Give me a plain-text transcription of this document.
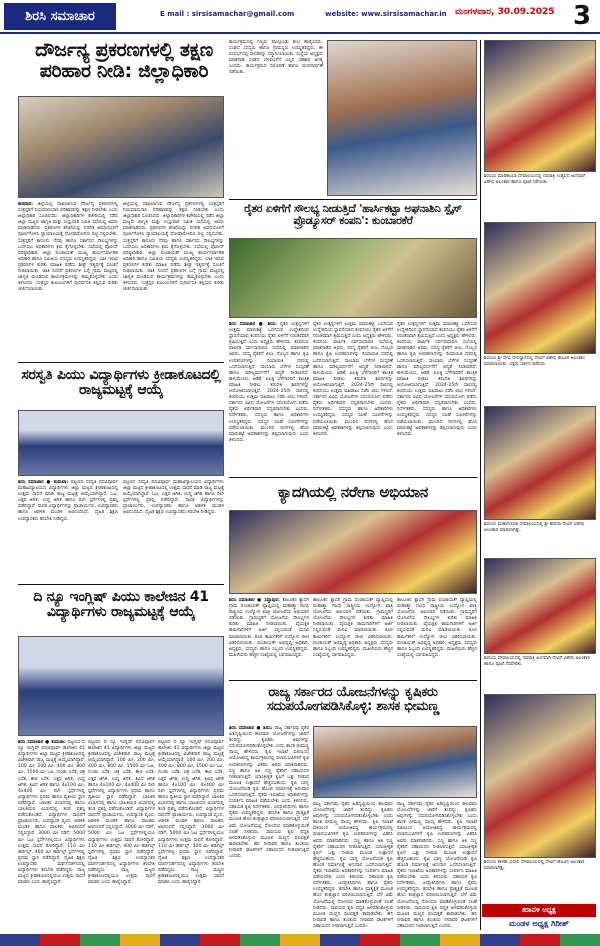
ಶಿರಸಿ ಸಮಾಚಾರ	E mail : sirsisamachar@gmail.com	website: www.sirsisamachar.in ಮಂಗಳವಾರ, 30.09.2025 3
ದೌರ್ಜನ್ಯ ಪ್ರಕರಣಗಳಲ್ಲಿ ತಕ್ಷಣ ಪರಿಹಾರ ನೀಡಿ: ಜಿಲ್ಲಾಧಿಕಾರಿ
ಕಾರವಾರ: ಜಿಲ್ಲೆಯಲ್ಲಿ ದಾಖಲಾಗುವ ದೌರ್ಜನ್ಯ ಪ್ರಕರಣಗಳಲ್ಲಿ ಸಂತ್ರಸ್ತರಿಗೆ ನಿಯಮಾನುಸಾರ ಪರಿಹಾರವನ್ನು ತಕ್ಷಣ ನೀಡಬೇಕು ಎಂದು ಜಿಲ್ಲಾಧಿಕಾರಿ ಸೂಚಿಸಿದರು. ಜಿಲ್ಲಾಧಿಕಾರಿಗಳ ಕಚೇರಿಯಲ್ಲಿ ನಡೆದ ಜಿಲ್ಲಾ ಮಟ್ಟದ ಜಾಗೃತಿ ಮತ್ತು ಉಸ್ತುವಾರಿ ಸಮಿತಿ ಸಭೆಯಲ್ಲಿ ಅವರು ಮಾತನಾಡಿದರು. ಪ್ರಕರಣಗಳ ತನಿಖೆಯನ್ನು ನಿಗದಿತ ಅವಧಿಯೊಳಗೆ ಪೂರ್ಣಗೊಳಿಸಿ ನ್ಯಾಯಾಲಯಕ್ಕೆ ದೋಷಾರೋಪಣ ಪಟ್ಟಿ ಸಲ್ಲಿಸಬೇಕು. ಸಂತ್ರಸ್ತರಿಗೆ ಕಾನೂನು ನೆರವು ಹಾಗೂ ಸರ್ಕಾರದ ಸೌಲಭ್ಯಗಳನ್ನು ಒದಗಿಸಲು ಅಧಿಕಾರಿಗಳು ಕ್ರಮ ಕೈಗೊಳ್ಳಬೇಕು. ಸಭೆಯಲ್ಲಿ ಪೊಲೀಸ್ ವರಿಷ್ಠಾಧಿಕಾರಿ, ಜಿಲ್ಲಾ ಪಂಚಾಯತ್ ಮುಖ್ಯ ಕಾರ್ಯನಿರ್ವಾಹಕ ಅಧಿಕಾರಿ ಹಾಗೂ ಸಮಿತಿಯ ಸದಸ್ಯರು ಉಪಸ್ಥಿತರಿದ್ದರು. ಬಾಕಿ ಇರುವ ಪ್ರಕರಣಗಳ ಕುರಿತು ಮಾಹಿತಿ ಪಡೆದು ಶೀಘ್ರ ಇತ್ಯರ್ಥಕ್ಕೆ ಸೂಚನೆ ನೀಡಲಾಯಿತು. ಜಾತಿ ನಿಂದನೆ ಪ್ರಕರಣಗಳ ಬಗ್ಗೆ ಗ್ರಾಮ ಮಟ್ಟದಲ್ಲಿ ಜಾಗೃತಿ ಮೂಡಿಸುವ ಕಾರ್ಯಕ್ರಮಗಳನ್ನು ಹಮ್ಮಿಕೊಳ್ಳಬೇಕು ಎಂದು ತಿಳಿಸಿದರು. ಸಂತ್ರಸ್ತರ ಕುಟುಂಬಗಳಿಗೆ ಪುನರ್ವಸತಿ ಕಲ್ಪಿಸುವ ಕುರಿತು ಚರ್ಚಿಸಲಾಯಿತು.
ಜಿಲ್ಲೆಯಲ್ಲಿ ದಾಖಲಾಗುವ ದೌರ್ಜನ್ಯ ಪ್ರಕರಣಗಳಲ್ಲಿ ಸಂತ್ರಸ್ತರಿಗೆ ನಿಯಮಾನುಸಾರ ಪರಿಹಾರವನ್ನು ತಕ್ಷಣ ನೀಡಬೇಕು ಎಂದು ಜಿಲ್ಲಾಧಿಕಾರಿ ಸೂಚಿಸಿದರು. ಜಿಲ್ಲಾಧಿಕಾರಿಗಳ ಕಚೇರಿಯಲ್ಲಿ ನಡೆದ ಜಿಲ್ಲಾ ಮಟ್ಟದ ಜಾಗೃತಿ ಮತ್ತು ಉಸ್ತುವಾರಿ ಸಮಿತಿ ಸಭೆಯಲ್ಲಿ ಅವರು ಮಾತನಾಡಿದರು. ಪ್ರಕರಣಗಳ ತನಿಖೆಯನ್ನು ನಿಗದಿತ ಅವಧಿಯೊಳಗೆ ಪೂರ್ಣಗೊಳಿಸಿ ನ್ಯಾಯಾಲಯಕ್ಕೆ ದೋಷಾರೋಪಣ ಪಟ್ಟಿ ಸಲ್ಲಿಸಬೇಕು. ಸಂತ್ರಸ್ತರಿಗೆ ಕಾನೂನು ನೆರವು ಹಾಗೂ ಸರ್ಕಾರದ ಸೌಲಭ್ಯಗಳನ್ನು ಒದಗಿಸಲು ಅಧಿಕಾರಿಗಳು ಕ್ರಮ ಕೈಗೊಳ್ಳಬೇಕು. ಸಭೆಯಲ್ಲಿ ಪೊಲೀಸ್ ವರಿಷ್ಠಾಧಿಕಾರಿ, ಜಿಲ್ಲಾ ಪಂಚಾಯತ್ ಮುಖ್ಯ ಕಾರ್ಯನಿರ್ವಾಹಕ ಅಧಿಕಾರಿ ಹಾಗೂ ಸಮಿತಿಯ ಸದಸ್ಯರು ಉಪಸ್ಥಿತರಿದ್ದರು. ಬಾಕಿ ಇರುವ ಪ್ರಕರಣಗಳ ಕುರಿತು ಮಾಹಿತಿ ಪಡೆದು ಶೀಘ್ರ ಇತ್ಯರ್ಥಕ್ಕೆ ಸೂಚನೆ ನೀಡಲಾಯಿತು. ಜಾತಿ ನಿಂದನೆ ಪ್ರಕರಣಗಳ ಬಗ್ಗೆ ಗ್ರಾಮ ಮಟ್ಟದಲ್ಲಿ ಜಾಗೃತಿ ಮೂಡಿಸುವ ಕಾರ್ಯಕ್ರಮಗಳನ್ನು ಹಮ್ಮಿಕೊಳ್ಳಬೇಕು ಎಂದು ತಿಳಿಸಿದರು. ಸಂತ್ರಸ್ತರ ಕುಟುಂಬಗಳಿಗೆ ಪುನರ್ವಸತಿ ಕಲ್ಪಿಸುವ ಕುರಿತು ಚರ್ಚಿಸಲಾಯಿತು.
ಕಾರ್ಯಕ್ರಮದಲ್ಲಿ ಗಣ್ಯರು ಪಾಲ್ಗೊಂಡು ಶುಭ ಹಾರೈಸಿದರು. ಸಂಘದ ಸದಸ್ಯರು ಹಾಗೂ ಗ್ರಾಮಸ್ಥರು ಉಪಸ್ಥಿತರಿದ್ದರು. ಈ ಸಂದರ್ಭದಲ್ಲಿ ಸಾಧಕರನ್ನು ಸನ್ಮಾನಿಸಲಾಯಿತು. ಸಂಸ್ಥೆಯ ಅಧ್ಯಕ್ಷರು ಮಾತನಾಡಿ ಸಂಘದ ಬೆಳವಣಿಗೆಗೆ ಎಲ್ಲರ ಸಹಕಾರ ಅಗತ್ಯ ಎಂದರು. ಕಾರ್ಯಕ್ರಮದ ನಿರೂಪಣೆ ಹಾಗೂ ವಂದನಾರ್ಪಣೆ ನಡೆಯಿತು.
ರೈತರ ಏಳಿಗೆಗೆ ಸೌಲಭ್ಯ ನೀಡುತ್ತಿದೆ 'ಹಾರ್ಸಿಕಟ್ಟಾ ಅಘನಾಶಿನಿ ಸ್ಪೈಸ್ ಪ್ರೊಡ್ಯೂಸರ್ ಕಂಪನಿ': ಕುಂಬಾರಕೆರೆ
ಶಿರಸಿ ಸಮಾಚಾರ ● ಶಿರಸಿ: ರೈತರ ಉತ್ಪನ್ನಗಳಿಗೆ ಉತ್ತಮ ಮಾರುಕಟ್ಟೆ ಒದಗಿಸುವ ಉದ್ದೇಶದಿಂದ ಸ್ಥಾಪನೆಯಾದ ಕಂಪನಿಯು ರೈತರ ಏಳಿಗೆಗೆ ನಿರಂತರವಾಗಿ ಶ್ರಮಿಸುತ್ತಿದೆ ಎಂದು ಅಧ್ಯಕ್ಷರು ಹೇಳಿದರು. ಕಂಪನಿಯ ವಾರ್ಷಿಕ ಸರ್ವಸಾಧಾರಣ ಸಭೆಯಲ್ಲಿ ಮಾತನಾಡಿದ ಅವರು, ಸದಸ್ಯ ರೈತರಿಗೆ ಬೀಜ, ಗೊಬ್ಬರ ಹಾಗೂ ಕೃಷಿ ಉಪಕರಣಗಳನ್ನು ರಿಯಾಯಿತಿ ದರದಲ್ಲಿ ಒದಗಿಸಲಾಗುತ್ತಿದೆ. ಸಾಂಬಾರು ಬೆಳೆಗಳ ಸಂಸ್ಕರಣೆ ಹಾಗೂ ಮೌಲ್ಯವರ್ಧನೆಗೆ ಆದ್ಯತೆ ನೀಡಲಾಗಿದೆ. ಕಾಳುಮೆಣಸು, ಅಡಿಕೆ, ಏಲಕ್ಕಿ ಬೆಳೆಗಾರರಿಗೆ ತಾಂತ್ರಿಕ ಮಾಹಿತಿ ನೀಡಲು ತರಬೇತಿ ಶಿಬಿರಗಳನ್ನು ಆಯೋಜಿಸಲಾಗುತ್ತಿದೆ. 2024-25ನೇ ಸಾಲಿನಲ್ಲಿ ಕಂಪನಿಯು ಉತ್ತಮ ವಹಿವಾಟು ನಡೆಸಿ ಲಾಭ ಗಳಿಸಿದೆ. ಸರ್ಕಾರದ ವಿವಿಧ ಯೋಜನೆಗಳ ಸದುಪಯೋಗ ಪಡೆದು ರೈತರು ಆರ್ಥಿಕವಾಗಿ ಸದೃಢರಾಗಬೇಕು ಎಂದರು. ನಿರ್ದೇಶಕರು, ಸದಸ್ಯರು ಹಾಗೂ ಅಧಿಕಾರಿಗಳು ಉಪಸ್ಥಿತರಿದ್ದರು. ಸದಸ್ಯರ ಸಲಹೆ ಸೂಚನೆಗಳನ್ನು ಪಡೆಯಲಾಯಿತು. ಮುಂದಿನ ದಿನಗಳಲ್ಲಿ ಹೊಸ ಮಾರುಕಟ್ಟೆ ಅವಕಾಶಗಳನ್ನು ಕಲ್ಪಿಸಲಾಗುವುದು ಎಂದು ತಿಳಿಸಿದರು.
ರೈತರ ಉತ್ಪನ್ನಗಳಿಗೆ ಉತ್ತಮ ಮಾರುಕಟ್ಟೆ ಒದಗಿಸುವ ಉದ್ದೇಶದಿಂದ ಸ್ಥಾಪನೆಯಾದ ಕಂಪನಿಯು ರೈತರ ಏಳಿಗೆಗೆ ನಿರಂತರವಾಗಿ ಶ್ರಮಿಸುತ್ತಿದೆ ಎಂದು ಅಧ್ಯಕ್ಷರು ಹೇಳಿದರು. ಕಂಪನಿಯ ವಾರ್ಷಿಕ ಸರ್ವಸಾಧಾರಣ ಸಭೆಯಲ್ಲಿ ಮಾತನಾಡಿದ ಅವರು, ಸದಸ್ಯ ರೈತರಿಗೆ ಬೀಜ, ಗೊಬ್ಬರ ಹಾಗೂ ಕೃಷಿ ಉಪಕರಣಗಳನ್ನು ರಿಯಾಯಿತಿ ದರದಲ್ಲಿ ಒದಗಿಸಲಾಗುತ್ತಿದೆ. ಸಾಂಬಾರು ಬೆಳೆಗಳ ಸಂಸ್ಕರಣೆ ಹಾಗೂ ಮೌಲ್ಯವರ್ಧನೆಗೆ ಆದ್ಯತೆ ನೀಡಲಾಗಿದೆ. ಕಾಳುಮೆಣಸು, ಅಡಿಕೆ, ಏಲಕ್ಕಿ ಬೆಳೆಗಾರರಿಗೆ ತಾಂತ್ರಿಕ ಮಾಹಿತಿ ನೀಡಲು ತರಬೇತಿ ಶಿಬಿರಗಳನ್ನು ಆಯೋಜಿಸಲಾಗುತ್ತಿದೆ. 2024-25ನೇ ಸಾಲಿನಲ್ಲಿ ಕಂಪನಿಯು ಉತ್ತಮ ವಹಿವಾಟು ನಡೆಸಿ ಲಾಭ ಗಳಿಸಿದೆ. ಸರ್ಕಾರದ ವಿವಿಧ ಯೋಜನೆಗಳ ಸದುಪಯೋಗ ಪಡೆದು ರೈತರು ಆರ್ಥಿಕವಾಗಿ ಸದೃಢರಾಗಬೇಕು ಎಂದರು. ನಿರ್ದೇಶಕರು, ಸದಸ್ಯರು ಹಾಗೂ ಅಧಿಕಾರಿಗಳು ಉಪಸ್ಥಿತರಿದ್ದರು. ಸದಸ್ಯರ ಸಲಹೆ ಸೂಚನೆಗಳನ್ನು ಪಡೆಯಲಾಯಿತು. ಮುಂದಿನ ದಿನಗಳಲ್ಲಿ ಹೊಸ ಮಾರುಕಟ್ಟೆ ಅವಕಾಶಗಳನ್ನು ಕಲ್ಪಿಸಲಾಗುವುದು ಎಂದು ತಿಳಿಸಿದರು.
ರೈತರ ಉತ್ಪನ್ನಗಳಿಗೆ ಉತ್ತಮ ಮಾರುಕಟ್ಟೆ ಒದಗಿಸುವ ಉದ್ದೇಶದಿಂದ ಸ್ಥಾಪನೆಯಾದ ಕಂಪನಿಯು ರೈತರ ಏಳಿಗೆಗೆ ನಿರಂತರವಾಗಿ ಶ್ರಮಿಸುತ್ತಿದೆ ಎಂದು ಅಧ್ಯಕ್ಷರು ಹೇಳಿದರು. ಕಂಪನಿಯ ವಾರ್ಷಿಕ ಸರ್ವಸಾಧಾರಣ ಸಭೆಯಲ್ಲಿ ಮಾತನಾಡಿದ ಅವರು, ಸದಸ್ಯ ರೈತರಿಗೆ ಬೀಜ, ಗೊಬ್ಬರ ಹಾಗೂ ಕೃಷಿ ಉಪಕರಣಗಳನ್ನು ರಿಯಾಯಿತಿ ದರದಲ್ಲಿ ಒದಗಿಸಲಾಗುತ್ತಿದೆ. ಸಾಂಬಾರು ಬೆಳೆಗಳ ಸಂಸ್ಕರಣೆ ಹಾಗೂ ಮೌಲ್ಯವರ್ಧನೆಗೆ ಆದ್ಯತೆ ನೀಡಲಾಗಿದೆ. ಕಾಳುಮೆಣಸು, ಅಡಿಕೆ, ಏಲಕ್ಕಿ ಬೆಳೆಗಾರರಿಗೆ ತಾಂತ್ರಿಕ ಮಾಹಿತಿ ನೀಡಲು ತರಬೇತಿ ಶಿಬಿರಗಳನ್ನು ಆಯೋಜಿಸಲಾಗುತ್ತಿದೆ. 2024-25ನೇ ಸಾಲಿನಲ್ಲಿ ಕಂಪನಿಯು ಉತ್ತಮ ವಹಿವಾಟು ನಡೆಸಿ ಲಾಭ ಗಳಿಸಿದೆ. ಸರ್ಕಾರದ ವಿವಿಧ ಯೋಜನೆಗಳ ಸದುಪಯೋಗ ಪಡೆದು ರೈತರು ಆರ್ಥಿಕವಾಗಿ ಸದೃಢರಾಗಬೇಕು ಎಂದರು. ನಿರ್ದೇಶಕರು, ಸದಸ್ಯರು ಹಾಗೂ ಅಧಿಕಾರಿಗಳು ಉಪಸ್ಥಿತರಿದ್ದರು. ಸದಸ್ಯರ ಸಲಹೆ ಸೂಚನೆಗಳನ್ನು ಪಡೆಯಲಾಯಿತು. ಮುಂದಿನ ದಿನಗಳಲ್ಲಿ ಹೊಸ ಮಾರುಕಟ್ಟೆ ಅವಕಾಶಗಳನ್ನು ಕಲ್ಪಿಸಲಾಗುವುದು ಎಂದು ತಿಳಿಸಿದರು.
ಸರಸ್ವತಿ ಪಿಯು ವಿದ್ಯಾರ್ಥಿಗಳು ಕ್ರೀಡಾಕೂಟದಲ್ಲಿ ರಾಜ್ಯಮಟ್ಟಕ್ಕೆ ಆಯ್ಕೆ
ಶಿರಸಿ ಸಮಾಚಾರ ● ಕುಮಟಾ: ಪಟ್ಟಣದ ಸರಸ್ವತಿ ಪದವಿಪೂರ್ವ ಮಹಾವಿದ್ಯಾಲಯದ ವಿದ್ಯಾರ್ಥಿಗಳು ಜಿಲ್ಲಾ ಮಟ್ಟದ ಕ್ರೀಡಾಕೂಟದಲ್ಲಿ ಉತ್ತಮ ಸಾಧನೆ ಮಾಡಿ ರಾಜ್ಯ ಮಟ್ಟಕ್ಕೆ ಆಯ್ಕೆಯಾಗಿದ್ದಾರೆ. ಓಟ, ಎತ್ತರ ಜಿಗಿತ, ಉದ್ದ ಜಿಗಿತ ಹಾಗೂ ರಿಲೇ ಸ್ಪರ್ಧೆಗಳಲ್ಲಿ ಪ್ರಶಸ್ತಿ ಪಡೆದಿದ್ದಾರೆ. ಸಾಧಕ ವಿದ್ಯಾರ್ಥಿಗಳನ್ನು ಪ್ರಾಚಾರ್ಯರು, ಉಪನ್ಯಾಸಕರು ಹಾಗೂ ಆಡಳಿತ ಮಂಡಳಿ ಅಭಿನಂದಿಸಿದೆ. ದೈಹಿಕ ಶಿಕ್ಷಣ ಉಪನ್ಯಾಸಕರು ತರಬೇತಿ ನೀಡಿದ್ದರು.
ಪಟ್ಟಣದ ಸರಸ್ವತಿ ಪದವಿಪೂರ್ವ ಮಹಾವಿದ್ಯಾಲಯದ ವಿದ್ಯಾರ್ಥಿಗಳು ಜಿಲ್ಲಾ ಮಟ್ಟದ ಕ್ರೀಡಾಕೂಟದಲ್ಲಿ ಉತ್ತಮ ಸಾಧನೆ ಮಾಡಿ ರಾಜ್ಯ ಮಟ್ಟಕ್ಕೆ ಆಯ್ಕೆಯಾಗಿದ್ದಾರೆ. ಓಟ, ಎತ್ತರ ಜಿಗಿತ, ಉದ್ದ ಜಿಗಿತ ಹಾಗೂ ರಿಲೇ ಸ್ಪರ್ಧೆಗಳಲ್ಲಿ ಪ್ರಶಸ್ತಿ ಪಡೆದಿದ್ದಾರೆ. ಸಾಧಕ ವಿದ್ಯಾರ್ಥಿಗಳನ್ನು ಪ್ರಾಚಾರ್ಯರು, ಉಪನ್ಯಾಸಕರು ಹಾಗೂ ಆಡಳಿತ ಮಂಡಳಿ ಅಭಿನಂದಿಸಿದೆ. ದೈಹಿಕ ಶಿಕ್ಷಣ ಉಪನ್ಯಾಸಕರು ತರಬೇತಿ ನೀಡಿದ್ದರು.
ಕ್ಯಾದಗಿಯಲ್ಲಿ ನರೇಗಾ ಅಭಿಯಾನ
ಶಿರಸಿ ಸಮಾಚಾರ ● ಸಿದ್ದಾಪುರ: ತಾಲೂಕಿನ ಕ್ಯಾದಗಿ ಗ್ರಾಮ ಪಂಚಾಯತ್ ವ್ಯಾಪ್ತಿಯಲ್ಲಿ ಮಹಾತ್ಮಾ ಗಾಂಧಿ ರಾಷ್ಟ್ರೀಯ ಉದ್ಯೋಗ ಖಾತ್ರಿ ಯೋಜನೆಯ ಅಭಿಯಾನ ನಡೆಯಿತು. ಗ್ರಾಮಸ್ಥರಿಗೆ ಯೋಜನೆಯ ಸೌಲಭ್ಯಗಳ ಕುರಿತು ಮಾಹಿತಿ ನೀಡಲಾಯಿತು. ವೈಯಕ್ತಿಕ ಕಾಮಗಾರಿಗಳಿಗೆ ಅರ್ಜಿ ಸಲ್ಲಿಸುವಂತೆ ಮನವಿ ಮಾಡಲಾಯಿತು. ಕೂಲಿ ಕಾರ್ಮಿಕರಿಗೆ ಉದ್ಯೋಗ ಚೀಟಿ ವಿತರಿಸಲಾಯಿತು. ಪಂಚಾಯತ್ ಅಭಿವೃದ್ಧಿ ಅಧಿಕಾರಿ, ಅಧ್ಯಕ್ಷರು, ಸದಸ್ಯರು ಹಾಗೂ ಸಿಬ್ಬಂದಿ ಉಪಸ್ಥಿತರಿದ್ದರು. ಮಹಿಳೆಯರು ಹೆಚ್ಚಿನ ಸಂಖ್ಯೆಯಲ್ಲಿ ಭಾಗವಹಿಸಿದ್ದರು.
ತಾಲೂಕಿನ ಕ್ಯಾದಗಿ ಗ್ರಾಮ ಪಂಚಾಯತ್ ವ್ಯಾಪ್ತಿಯಲ್ಲಿ ಮಹಾತ್ಮಾ ಗಾಂಧಿ ರಾಷ್ಟ್ರೀಯ ಉದ್ಯೋಗ ಖಾತ್ರಿ ಯೋಜನೆಯ ಅಭಿಯಾನ ನಡೆಯಿತು. ಗ್ರಾಮಸ್ಥರಿಗೆ ಯೋಜನೆಯ ಸೌಲಭ್ಯಗಳ ಕುರಿತು ಮಾಹಿತಿ ನೀಡಲಾಯಿತು. ವೈಯಕ್ತಿಕ ಕಾಮಗಾರಿಗಳಿಗೆ ಅರ್ಜಿ ಸಲ್ಲಿಸುವಂತೆ ಮನವಿ ಮಾಡಲಾಯಿತು. ಕೂಲಿ ಕಾರ್ಮಿಕರಿಗೆ ಉದ್ಯೋಗ ಚೀಟಿ ವಿತರಿಸಲಾಯಿತು. ಪಂಚಾಯತ್ ಅಭಿವೃದ್ಧಿ ಅಧಿಕಾರಿ, ಅಧ್ಯಕ್ಷರು, ಸದಸ್ಯರು ಹಾಗೂ ಸಿಬ್ಬಂದಿ ಉಪಸ್ಥಿತರಿದ್ದರು. ಮಹಿಳೆಯರು ಹೆಚ್ಚಿನ ಸಂಖ್ಯೆಯಲ್ಲಿ ಭಾಗವಹಿಸಿದ್ದರು.
ತಾಲೂಕಿನ ಕ್ಯಾದಗಿ ಗ್ರಾಮ ಪಂಚಾಯತ್ ವ್ಯಾಪ್ತಿಯಲ್ಲಿ ಮಹಾತ್ಮಾ ಗಾಂಧಿ ರಾಷ್ಟ್ರೀಯ ಉದ್ಯೋಗ ಖಾತ್ರಿ ಯೋಜನೆಯ ಅಭಿಯಾನ ನಡೆಯಿತು. ಗ್ರಾಮಸ್ಥರಿಗೆ ಯೋಜನೆಯ ಸೌಲಭ್ಯಗಳ ಕುರಿತು ಮಾಹಿತಿ ನೀಡಲಾಯಿತು. ವೈಯಕ್ತಿಕ ಕಾಮಗಾರಿಗಳಿಗೆ ಅರ್ಜಿ ಸಲ್ಲಿಸುವಂತೆ ಮನವಿ ಮಾಡಲಾಯಿತು. ಕೂಲಿ ಕಾರ್ಮಿಕರಿಗೆ ಉದ್ಯೋಗ ಚೀಟಿ ವಿತರಿಸಲಾಯಿತು. ಪಂಚಾಯತ್ ಅಭಿವೃದ್ಧಿ ಅಧಿಕಾರಿ, ಅಧ್ಯಕ್ಷರು, ಸದಸ್ಯರು ಹಾಗೂ ಸಿಬ್ಬಂದಿ ಉಪಸ್ಥಿತರಿದ್ದರು. ಮಹಿಳೆಯರು ಹೆಚ್ಚಿನ ಸಂಖ್ಯೆಯಲ್ಲಿ ಭಾಗವಹಿಸಿದ್ದರು.
ದಿ ನ್ಯೂ ಇಂಗ್ಲಿಷ್ ಪಿಯು ಕಾಲೇಜಿನ 41 ವಿದ್ಯಾರ್ಥಿಗಳು ರಾಜ್ಯಮಟ್ಟಕ್ಕೆ ಆಯ್ಕೆ
ಶಿರಸಿ ಸಮಾಚಾರ ● ಕುಮಟಾ: ಪಟ್ಟಣದ ದಿ ನ್ಯೂ ಇಂಗ್ಲಿಷ್ ಪದವಿಪೂರ್ವ ಕಾಲೇಜಿನ 41 ವಿದ್ಯಾರ್ಥಿಗಳು ಜಿಲ್ಲಾ ಮಟ್ಟದ ಕ್ರೀಡಾಕೂಟದಲ್ಲಿ ವಿಜೇತರಾಗಿ ರಾಜ್ಯ ಮಟ್ಟಕ್ಕೆ ಆಯ್ಕೆಯಾಗಿದ್ದಾರೆ. 100 ಮೀ, 200 ಮೀ, 400 ಮೀ, 800 ಮೀ, 1500 ಮೀ ಓಟ, ಗುಂಡು ಎಸೆತ, ಚಕ್ರ ಎಸೆತ, ಈಟಿ ಎಸೆತ, ಎತ್ತರ ಜಿಗಿತ, ಉದ್ದ ಜಿಗಿತ, ತ್ರಿವಿಧ ಜಿಗಿತ ಹಾಗೂ 4x100 ಮೀ, 4x400 ಮೀ ರಿಲೇ ಸ್ಪರ್ಧೆಗಳಲ್ಲಿ ವಿದ್ಯಾರ್ಥಿಗಳು ಪ್ರಥಮ ಹಾಗೂ ದ್ವಿತೀಯ ಸ್ಥಾನ ಪಡೆದಿದ್ದಾರೆ. ಬಾಲಕರ ವಿಭಾಗದಲ್ಲಿ ಹಾಗೂ ಬಾಲಕಿಯರ ವಿಭಾಗದಲ್ಲಿ ತಂಡ ಪ್ರಶಸ್ತಿ ಪಡೆದುಕೊಂಡಿದೆ. ವಿದ್ಯಾರ್ಥಿಗಳ ಸಾಧನೆಗೆ ಪ್ರಾಚಾರ್ಯರು, ಉಪನ್ಯಾಸಕ ವೃಂದ, ಆಡಳಿತ ಮಂಡಳಿ ಹಾಗೂ ಪಾಲಕರು ಅಭಿನಂದನೆ ಸಲ್ಲಿಸಿದ್ದಾರೆ. 3000 ಮೀ ನಡಿಗೆ, 5000 ಮೀ ಓಟ ಸ್ಪರ್ಧೆಗಳಲ್ಲಿಯೂ ವಿದ್ಯಾರ್ಥಿಗಳು ಉತ್ತಮ ಸಾಧನೆ ತೋರಿದ್ದಾರೆ. 110 ಮೀ ಹರ್ಡಲ್ಸ್, 400 ಮೀ ಹರ್ಡಲ್ಸ್ ಸ್ಪರ್ಧೆಗಳಲ್ಲಿ ಪ್ರಥಮ ಸ್ಥಾನ ಪಡೆದಿದ್ದಾರೆ. ದೈಹಿಕ ಶಿಕ್ಷಣ ಉಪನ್ಯಾಸಕರ ಮಾರ್ಗದರ್ಶನದಲ್ಲಿ ವಿದ್ಯಾರ್ಥಿಗಳು ತರಬೇತಿ ಪಡೆದಿದ್ದರು. ರಾಜ್ಯ ಮಟ್ಟದ ಕ್ರೀಡಾಕೂಟದಲ್ಲಿಯೂ ಉತ್ತಮ ಸಾಧನೆ ಮಾಡಲಿ ಎಂದು ಹಾರೈಸಿದ್ದಾರೆ.
ಪಟ್ಟಣದ ದಿ ನ್ಯೂ ಇಂಗ್ಲಿಷ್ ಪದವಿಪೂರ್ವ ಕಾಲೇಜಿನ 41 ವಿದ್ಯಾರ್ಥಿಗಳು ಜಿಲ್ಲಾ ಮಟ್ಟದ ಕ್ರೀಡಾಕೂಟದಲ್ಲಿ ವಿಜೇತರಾಗಿ ರಾಜ್ಯ ಮಟ್ಟಕ್ಕೆ ಆಯ್ಕೆಯಾಗಿದ್ದಾರೆ. 100 ಮೀ, 200 ಮೀ, 400 ಮೀ, 800 ಮೀ, 1500 ಮೀ ಓಟ, ಗುಂಡು ಎಸೆತ, ಚಕ್ರ ಎಸೆತ, ಈಟಿ ಎಸೆತ, ಎತ್ತರ ಜಿಗಿತ, ಉದ್ದ ಜಿಗಿತ, ತ್ರಿವಿಧ ಜಿಗಿತ ಹಾಗೂ 4x100 ಮೀ, 4x400 ಮೀ ರಿಲೇ ಸ್ಪರ್ಧೆಗಳಲ್ಲಿ ವಿದ್ಯಾರ್ಥಿಗಳು ಪ್ರಥಮ ಹಾಗೂ ದ್ವಿತೀಯ ಸ್ಥಾನ ಪಡೆದಿದ್ದಾರೆ. ಬಾಲಕರ ವಿಭಾಗದಲ್ಲಿ ಹಾಗೂ ಬಾಲಕಿಯರ ವಿಭಾಗದಲ್ಲಿ ತಂಡ ಪ್ರಶಸ್ತಿ ಪಡೆದುಕೊಂಡಿದೆ. ವಿದ್ಯಾರ್ಥಿಗಳ ಸಾಧನೆಗೆ ಪ್ರಾಚಾರ್ಯರು, ಉಪನ್ಯಾಸಕ ವೃಂದ, ಆಡಳಿತ ಮಂಡಳಿ ಹಾಗೂ ಪಾಲಕರು ಅಭಿನಂದನೆ ಸಲ್ಲಿಸಿದ್ದಾರೆ. 3000 ಮೀ ನಡಿಗೆ, 5000 ಮೀ ಓಟ ಸ್ಪರ್ಧೆಗಳಲ್ಲಿಯೂ ವಿದ್ಯಾರ್ಥಿಗಳು ಉತ್ತಮ ಸಾಧನೆ ತೋರಿದ್ದಾರೆ. 110 ಮೀ ಹರ್ಡಲ್ಸ್, 400 ಮೀ ಹರ್ಡಲ್ಸ್ ಸ್ಪರ್ಧೆಗಳಲ್ಲಿ ಪ್ರಥಮ ಸ್ಥಾನ ಪಡೆದಿದ್ದಾರೆ. ದೈಹಿಕ ಶಿಕ್ಷಣ ಉಪನ್ಯಾಸಕರ ಮಾರ್ಗದರ್ಶನದಲ್ಲಿ ವಿದ್ಯಾರ್ಥಿಗಳು ತರಬೇತಿ ಪಡೆದಿದ್ದರು. ರಾಜ್ಯ ಮಟ್ಟದ ಕ್ರೀಡಾಕೂಟದಲ್ಲಿಯೂ ಉತ್ತಮ ಸಾಧನೆ ಮಾಡಲಿ ಎಂದು ಹಾರೈಸಿದ್ದಾರೆ.
ಪಟ್ಟಣದ ದಿ ನ್ಯೂ ಇಂಗ್ಲಿಷ್ ಪದವಿಪೂರ್ವ ಕಾಲೇಜಿನ 41 ವಿದ್ಯಾರ್ಥಿಗಳು ಜಿಲ್ಲಾ ಮಟ್ಟದ ಕ್ರೀಡಾಕೂಟದಲ್ಲಿ ವಿಜೇತರಾಗಿ ರಾಜ್ಯ ಮಟ್ಟಕ್ಕೆ ಆಯ್ಕೆಯಾಗಿದ್ದಾರೆ. 100 ಮೀ, 200 ಮೀ, 400 ಮೀ, 800 ಮೀ, 1500 ಮೀ ಓಟ, ಗುಂಡು ಎಸೆತ, ಚಕ್ರ ಎಸೆತ, ಈಟಿ ಎಸೆತ, ಎತ್ತರ ಜಿಗಿತ, ಉದ್ದ ಜಿಗಿತ, ತ್ರಿವಿಧ ಜಿಗಿತ ಹಾಗೂ 4x100 ಮೀ, 4x400 ಮೀ ರಿಲೇ ಸ್ಪರ್ಧೆಗಳಲ್ಲಿ ವಿದ್ಯಾರ್ಥಿಗಳು ಪ್ರಥಮ ಹಾಗೂ ದ್ವಿತೀಯ ಸ್ಥಾನ ಪಡೆದಿದ್ದಾರೆ. ಬಾಲಕರ ವಿಭಾಗದಲ್ಲಿ ಹಾಗೂ ಬಾಲಕಿಯರ ವಿಭಾಗದಲ್ಲಿ ತಂಡ ಪ್ರಶಸ್ತಿ ಪಡೆದುಕೊಂಡಿದೆ. ವಿದ್ಯಾರ್ಥಿಗಳ ಸಾಧನೆಗೆ ಪ್ರಾಚಾರ್ಯರು, ಉಪನ್ಯಾಸಕ ವೃಂದ, ಆಡಳಿತ ಮಂಡಳಿ ಹಾಗೂ ಪಾಲಕರು ಅಭಿನಂದನೆ ಸಲ್ಲಿಸಿದ್ದಾರೆ. 3000 ಮೀ ನಡಿಗೆ, 5000 ಮೀ ಓಟ ಸ್ಪರ್ಧೆಗಳಲ್ಲಿಯೂ ವಿದ್ಯಾರ್ಥಿಗಳು ಉತ್ತಮ ಸಾಧನೆ ತೋರಿದ್ದಾರೆ. 110 ಮೀ ಹರ್ಡಲ್ಸ್, 400 ಮೀ ಹರ್ಡಲ್ಸ್ ಸ್ಪರ್ಧೆಗಳಲ್ಲಿ ಪ್ರಥಮ ಸ್ಥಾನ ಪಡೆದಿದ್ದಾರೆ. ದೈಹಿಕ ಶಿಕ್ಷಣ ಉಪನ್ಯಾಸಕರ ಮಾರ್ಗದರ್ಶನದಲ್ಲಿ ವಿದ್ಯಾರ್ಥಿಗಳು ತರಬೇತಿ ಪಡೆದಿದ್ದರು. ರಾಜ್ಯ ಮಟ್ಟದ ಕ್ರೀಡಾಕೂಟದಲ್ಲಿಯೂ ಉತ್ತಮ ಸಾಧನೆ ಮಾಡಲಿ ಎಂದು ಹಾರೈಸಿದ್ದಾರೆ.
ರಾಜ್ಯ ಸರ್ಕಾರದ ಯೋಜನೆಗಳನ್ನು ಕೃಷಿಕರು ಸದುಪಯೋಗಪಡಿಸಿಕೊಳ್ಳಿ: ಶಾಸಕ ಭೀಮಣ್ಣ
ಶಿರಸಿ ಸಮಾಚಾರ ● ಶಿರಸಿ: ರಾಜ್ಯ ಸರ್ಕಾರವು ರೈತರ ಹಿತದೃಷ್ಟಿಯಿಂದ ಹಲವಾರು ಯೋಜನೆಗಳನ್ನು ಜಾರಿಗೆ ತಂದಿದ್ದು, ಕೃಷಿಕರು ಅವುಗಳನ್ನು ಸದುಪಯೋಗಪಡಿಸಿಕೊಳ್ಳಬೇಕು ಎಂದು ಶಾಸಕ ಭೀಮಣ್ಣ ನಾಯ್ಕ ಹೇಳಿದರು. ಕೃಷಿ ಇಲಾಖೆ ವತಿಯಿಂದ ಆಯೋಜಿಸಿದ್ದ ಕಾರ್ಯಕ್ರಮದಲ್ಲಿ ಫಲಾನುಭವಿಗಳಿಗೆ ಕೃಷಿ ಉಪಕರಣಗಳನ್ನು ವಿತರಿಸಿ ಅವರು ಮಾತನಾಡಿದರು. ಸಣ್ಣ ಹಾಗೂ ಅತಿ ಸಣ್ಣ ರೈತರಿಗೆ ಸಹಾಯಧನ ನೀಡಲಾಗುತ್ತಿದೆ. ಯಾಂತ್ರೀಕೃತ ಕೃಷಿಗೆ ಒತ್ತು ನೀಡುವ ಮೂಲಕ ಉತ್ಪಾದನೆ ಹೆಚ್ಚಿಸಬಹುದು. ಕೃಷಿ ಭಾಗ್ಯ ಯೋಜನೆಯಡಿ ಕೃಷಿ ಹೊಂಡ ನಿರ್ಮಾಣಕ್ಕೆ ಅನುದಾನ ಒದಗಿಸಲಾಗುತ್ತಿದೆ. ರೈತರು ಇಲಾಖೆಯ ಅಧಿಕಾರಿಗಳನ್ನು ಸಂಪರ್ಕಿಸಿ ಮಾಹಿತಿ ಪಡೆಯಬೇಕು ಎಂದು ತಿಳಿಸಿದರು. ಸಹಾಯಕ ಕೃಷಿ ನಿರ್ದೇಶಕರು, ಜನಪ್ರತಿನಿಧಿಗಳು ಹಾಗೂ ರೈತರು ಉಪಸ್ಥಿತರಿದ್ದರು. ತರಬೇತಿ ಹಾಗೂ ಪ್ರಾತ್ಯಕ್ಷಿಕೆ ಮೂಲಕ ಹೊಸ ತಂತ್ರಜ್ಞಾನ ಪರಿಚಯಿಸಲಾಗುತ್ತಿದೆ. ಬೆಳೆ ವಿಮೆ ಯೋಜನೆಯಲ್ಲಿ ನೋಂದಣಿ ಮಾಡಿಕೊಳ್ಳುವಂತೆ ಸಲಹೆ ನೀಡಿದರು. ಸಾವಯವ ಕೃಷಿ ಪದ್ಧತಿ ಅಳವಡಿಸಿಕೊಳ್ಳುವ ಮೂಲಕ ಮಣ್ಣಿನ ಫಲವತ್ತತೆ ಕಾಪಾಡಬೇಕು. ಹನಿ ನೀರಾವರಿ ಹಾಗೂ ತುಂತುರು ನೀರಾವರಿ ಘಟಕಗಳಿಗೆ ಸಹಾಯಧನ ನೀಡಲಾಗುತ್ತಿದೆ ಎಂದರು.
ರಾಜ್ಯ ಸರ್ಕಾರವು ರೈತರ ಹಿತದೃಷ್ಟಿಯಿಂದ ಹಲವಾರು ಯೋಜನೆಗಳನ್ನು ಜಾರಿಗೆ ತಂದಿದ್ದು, ಕೃಷಿಕರು ಅವುಗಳನ್ನು ಸದುಪಯೋಗಪಡಿಸಿಕೊಳ್ಳಬೇಕು ಎಂದು ಶಾಸಕ ಭೀಮಣ್ಣ ನಾಯ್ಕ ಹೇಳಿದರು. ಕೃಷಿ ಇಲಾಖೆ ವತಿಯಿಂದ ಆಯೋಜಿಸಿದ್ದ ಕಾರ್ಯಕ್ರಮದಲ್ಲಿ ಫಲಾನುಭವಿಗಳಿಗೆ ಕೃಷಿ ಉಪಕರಣಗಳನ್ನು ವಿತರಿಸಿ ಅವರು ಮಾತನಾಡಿದರು. ಸಣ್ಣ ಹಾಗೂ ಅತಿ ಸಣ್ಣ ರೈತರಿಗೆ ಸಹಾಯಧನ ನೀಡಲಾಗುತ್ತಿದೆ. ಯಾಂತ್ರೀಕೃತ ಕೃಷಿಗೆ ಒತ್ತು ನೀಡುವ ಮೂಲಕ ಉತ್ಪಾದನೆ ಹೆಚ್ಚಿಸಬಹುದು. ಕೃಷಿ ಭಾಗ್ಯ ಯೋಜನೆಯಡಿ ಕೃಷಿ ಹೊಂಡ ನಿರ್ಮಾಣಕ್ಕೆ ಅನುದಾನ ಒದಗಿಸಲಾಗುತ್ತಿದೆ. ರೈತರು ಇಲಾಖೆಯ ಅಧಿಕಾರಿಗಳನ್ನು ಸಂಪರ್ಕಿಸಿ ಮಾಹಿತಿ ಪಡೆಯಬೇಕು ಎಂದು ತಿಳಿಸಿದರು. ಸಹಾಯಕ ಕೃಷಿ ನಿರ್ದೇಶಕರು, ಜನಪ್ರತಿನಿಧಿಗಳು ಹಾಗೂ ರೈತರು ಉಪಸ್ಥಿತರಿದ್ದರು. ತರಬೇತಿ ಹಾಗೂ ಪ್ರಾತ್ಯಕ್ಷಿಕೆ ಮೂಲಕ ಹೊಸ ತಂತ್ರಜ್ಞಾನ ಪರಿಚಯಿಸಲಾಗುತ್ತಿದೆ. ಬೆಳೆ ವಿಮೆ ಯೋಜನೆಯಲ್ಲಿ ನೋಂದಣಿ ಮಾಡಿಕೊಳ್ಳುವಂತೆ ಸಲಹೆ ನೀಡಿದರು. ಸಾವಯವ ಕೃಷಿ ಪದ್ಧತಿ ಅಳವಡಿಸಿಕೊಳ್ಳುವ ಮೂಲಕ ಮಣ್ಣಿನ ಫಲವತ್ತತೆ ಕಾಪಾಡಬೇಕು. ಹನಿ ನೀರಾವರಿ ಹಾಗೂ ತುಂತುರು ನೀರಾವರಿ ಘಟಕಗಳಿಗೆ ಸಹಾಯಧನ ನೀಡಲಾಗುತ್ತಿದೆ ಎಂದರು.
ರಾಜ್ಯ ಸರ್ಕಾರವು ರೈತರ ಹಿತದೃಷ್ಟಿಯಿಂದ ಹಲವಾರು ಯೋಜನೆಗಳನ್ನು ಜಾರಿಗೆ ತಂದಿದ್ದು, ಕೃಷಿಕರು ಅವುಗಳನ್ನು ಸದುಪಯೋಗಪಡಿಸಿಕೊಳ್ಳಬೇಕು ಎಂದು ಶಾಸಕ ಭೀಮಣ್ಣ ನಾಯ್ಕ ಹೇಳಿದರು. ಕೃಷಿ ಇಲಾಖೆ ವತಿಯಿಂದ ಆಯೋಜಿಸಿದ್ದ ಕಾರ್ಯಕ್ರಮದಲ್ಲಿ ಫಲಾನುಭವಿಗಳಿಗೆ ಕೃಷಿ ಉಪಕರಣಗಳನ್ನು ವಿತರಿಸಿ ಅವರು ಮಾತನಾಡಿದರು. ಸಣ್ಣ ಹಾಗೂ ಅತಿ ಸಣ್ಣ ರೈತರಿಗೆ ಸಹಾಯಧನ ನೀಡಲಾಗುತ್ತಿದೆ. ಯಾಂತ್ರೀಕೃತ ಕೃಷಿಗೆ ಒತ್ತು ನೀಡುವ ಮೂಲಕ ಉತ್ಪಾದನೆ ಹೆಚ್ಚಿಸಬಹುದು. ಕೃಷಿ ಭಾಗ್ಯ ಯೋಜನೆಯಡಿ ಕೃಷಿ ಹೊಂಡ ನಿರ್ಮಾಣಕ್ಕೆ ಅನುದಾನ ಒದಗಿಸಲಾಗುತ್ತಿದೆ. ರೈತರು ಇಲಾಖೆಯ ಅಧಿಕಾರಿಗಳನ್ನು ಸಂಪರ್ಕಿಸಿ ಮಾಹಿತಿ ಪಡೆಯಬೇಕು ಎಂದು ತಿಳಿಸಿದರು. ಸಹಾಯಕ ಕೃಷಿ ನಿರ್ದೇಶಕರು, ಜನಪ್ರತಿನಿಧಿಗಳು ಹಾಗೂ ರೈತರು ಉಪಸ್ಥಿತರಿದ್ದರು. ತರಬೇತಿ ಹಾಗೂ ಪ್ರಾತ್ಯಕ್ಷಿಕೆ ಮೂಲಕ ಹೊಸ ತಂತ್ರಜ್ಞಾನ ಪರಿಚಯಿಸಲಾಗುತ್ತಿದೆ. ಬೆಳೆ ವಿಮೆ ಯೋಜನೆಯಲ್ಲಿ ನೋಂದಣಿ ಮಾಡಿಕೊಳ್ಳುವಂತೆ ಸಲಹೆ ನೀಡಿದರು. ಸಾವಯವ ಕೃಷಿ ಪದ್ಧತಿ ಅಳವಡಿಸಿಕೊಳ್ಳುವ ಮೂಲಕ ಮಣ್ಣಿನ ಫಲವತ್ತತೆ ಕಾಪಾಡಬೇಕು. ಹನಿ ನೀರಾವರಿ ಹಾಗೂ ತುಂತುರು ನೀರಾವರಿ ಘಟಕಗಳಿಗೆ ಸಹಾಯಧನ ನೀಡಲಾಗುತ್ತಿದೆ ಎಂದರು.
ಶಿರಸಿಯ ಮಾರಿಕಾಂಬಾ ದೇವಾಲಯದಲ್ಲಿ ನವರಾತ್ರಿ ಉತ್ಸವದ ಅಂಗವಾಗಿ ವಿಶೇಷ ಅಲಂಕಾರ ಹಾಗೂ ಪೂಜೆ ನಡೆಯಿತು.
ಶಿರಸಿಯ ಶ್ರೀ ದೇವಿ ದೇವಸ್ಥಾನದಲ್ಲಿ ದೇವಿಗೆ ವಿಶೇಷ ಹೂವಿನ ಅಲಂಕಾರ ಮಾಡಲಾಯಿತು. ಭಕ್ತರು ದರ್ಶನ ಪಡೆದರು.
ಶಿರಸಿಯ ಮಹಾಗಣಪತಿ ದೇವಾಲಯದಲ್ಲಿ ಶ್ರೀ ಶಾರದಾ ದೇವಿಗೆ ವಿಶೇಷ ಅಲಂಕಾರ ಮಾಡಲಾಗಿತ್ತು.
ಶಿರಸಿಯ ದೇವಾಲಯದಲ್ಲಿ ನವರಾತ್ರಿ ಅಂಗವಾಗಿ ದೇವಿಗೆ ವಿಶೇಷ ಅಲಂಕಾರ ಹಾಗೂ ಪೂಜೆ ನೆರವೇರಿತು.
ಶಿರಸಿಯ ಕಾಳಿಕಾ ಭವಾನಿ ದೇವಾಲಯದಲ್ಲಿ ದೇವಿಗೆ ಹೂವಿನ ಅಲಂಕಾರ ಮಾಡಲಾಗಿತ್ತು.
ಕರಾವಳಿ ಅಧ್ಯಕ್ಷ
ಮಂಡಳ ಅಧ್ಯಕ್ಷ ಗಿರೀಶ್
